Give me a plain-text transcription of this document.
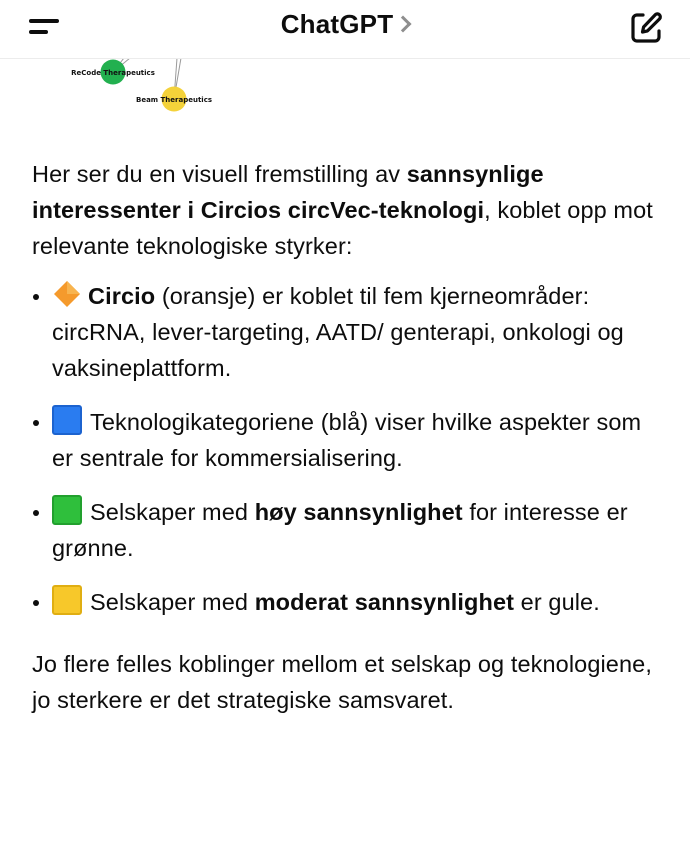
ChatGPT
ReCode Therapeutics
Beam Therapeutics

Her ser du en visuell fremstilling av sannsynlige interessenter i Circios circVec-teknologi, koblet opp mot relevante teknologiske styrker:

Circio (oransje) er koblet til fem kjerneområder: circRNA, lever-targeting, AATD/ genterapi, onkologi og vaksineplattform.
Teknologikategoriene (blå) viser hvilke aspekter som er sentrale for kommersialisering.
Selskaper med høy sannsynlighet for interesse er grønne.
Selskaper med moderat sannsynlighet er gule.

Jo flere felles koblinger mellom et selskap og teknologiene, jo sterkere er det strategiske samsvaret.
